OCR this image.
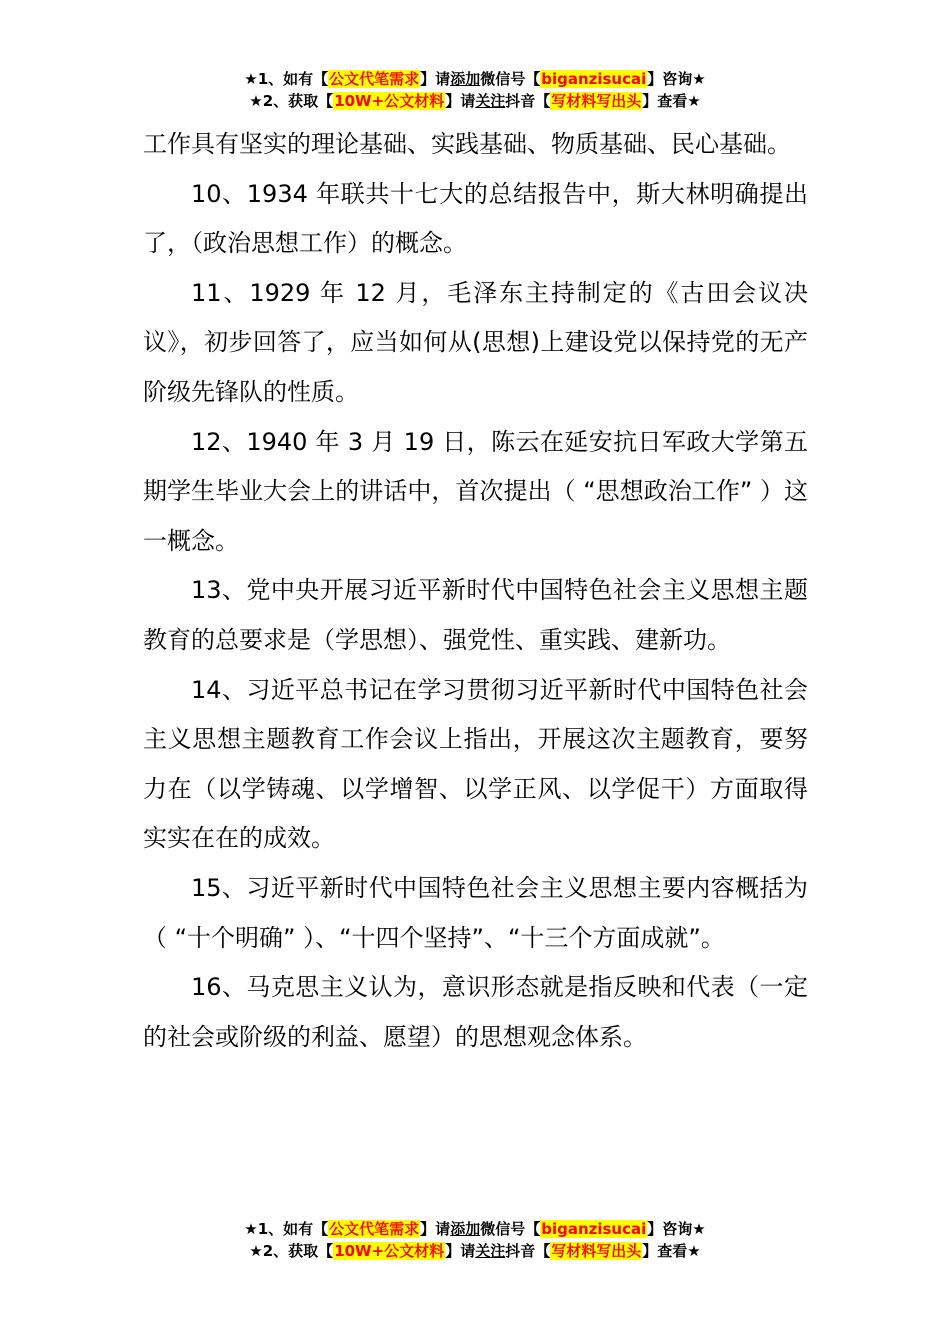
★1、如有【公文代笔需求】请添加微信号【biganzisucai】咨询★
★2、获取【10W+公文材料】请关注抖音【写材料写出头】查看★

工作具有坚实的理论基础、实践基础、物质基础、民心基础。

10、1934 年联共十七大的总结报告中，斯大林明确提出了，（政治思想工作）的概念。

11、1929 年 12 月，毛泽东主持制定的《古田会议决议》，初步回答了，应当如何从(思想)上建设党以保持党的无产阶级先锋队的性质。

12、1940 年 3 月 19 日，陈云在延安抗日军政大学第五期学生毕业大会上的讲话中，首次提出（ “思想政治工作” ）这一概念。

13、党中央开展习近平新时代中国特色社会主义思想主题教育的总要求是（学思想）、强党性、重实践、建新功。

14、习近平总书记在学习贯彻习近平新时代中国特色社会主义思想主题教育工作会议上指出，开展这次主题教育，要努力在（以学铸魂、以学增智、以学正风、以学促干）方面取得实实在在的成效。

15、习近平新时代中国特色社会主义思想主要内容概括为（ “十个明确” ）、“十四个坚持”、“十三个方面成就”。

16、马克思主义认为，意识形态就是指反映和代表（一定的社会或阶级的利益、愿望）的思想观念体系。

★1、如有【公文代笔需求】请添加微信号【biganzisucai】咨询★
★2、获取【10W+公文材料】请关注抖音【写材料写出头】查看★
